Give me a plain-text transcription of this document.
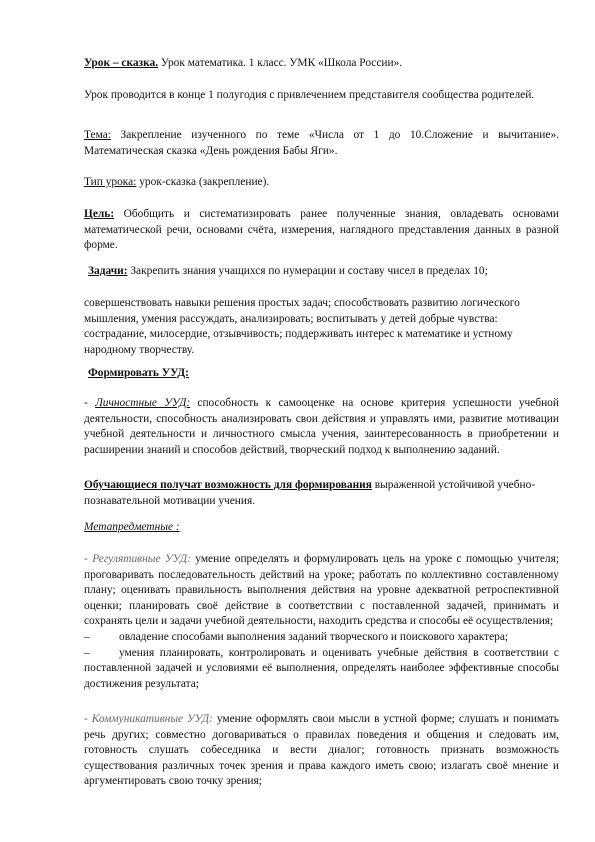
Урок – сказка. Урок математика. 1 класс. УМК «Школа России».

Урок проводится в конце 1 полугодия с привлечением представителя сообщества родителей.

Тема: Закрепление изученного по теме «Числа от 1 до 10.Сложение и вычитание». Математическая сказка «День рождения Бабы Яги».

Тип урока: урок-сказка (закрепление).

Цель: Обобщить и систематизировать ранее полученные знания, овладевать основами математической речи, основами счёта, измерения, наглядного представления данных в разной форме.

Задачи: Закрепить знания учащихся по нумерации и составу чисел в пределах 10;

совершенствовать навыки решения простых задач; способствовать развитию логического
мышления, умения рассуждать, анализировать; воспитывать у детей добрые чувства:
сострадание, милосердие, отзывчивость; поддерживать интерес к математике и устному
народному творчеству.

Формировать УУД:

- Личностные УУД: способность к самооценке на основе критерия успешности учебной деятельности, способность анализировать свои действия и управлять ими, развитие мотивации учебной деятельности и личностного смысла учения, заинтересованность в приобретении и расширении знаний и способов действий, творческий подход к выполнению заданий.

Обучающиеся получат возможность для формирования выраженной устойчивой учебно-познавательной мотивации учения.

Метапредметные :

- Регулятивные УУД: умение определять и формулировать цель на уроке с помощью учителя; проговаривать последовательность действий на уроке; работать по коллективно составленному плану; оценивать правильность выполнения действия на уровне адекватной ретроспективной оценки; планировать своё действие в соответствии с поставленной задачей, принимать и сохранять цели и задачи учебной деятельности, находить средства и способы её осуществления;
–	овладение способами выполнения заданий творческого и поискового характера;
–	умения планировать, контролировать и оценивать учебные действия в соответствии с поставленной задачей и условиями её выполнения, определять наиболее эффективные способы достижения результата;

- Коммуникативные УУД: умение оформлять свои мысли в устной форме; слушать и понимать речь других; совместно договариваться о правилах поведения и общения и следовать им, готовность слушать собеседника и вести диалог; готовность признать возможность существования различных точек зрения и права каждого иметь свою; излагать своё мнение и аргументировать свою точку зрения;
